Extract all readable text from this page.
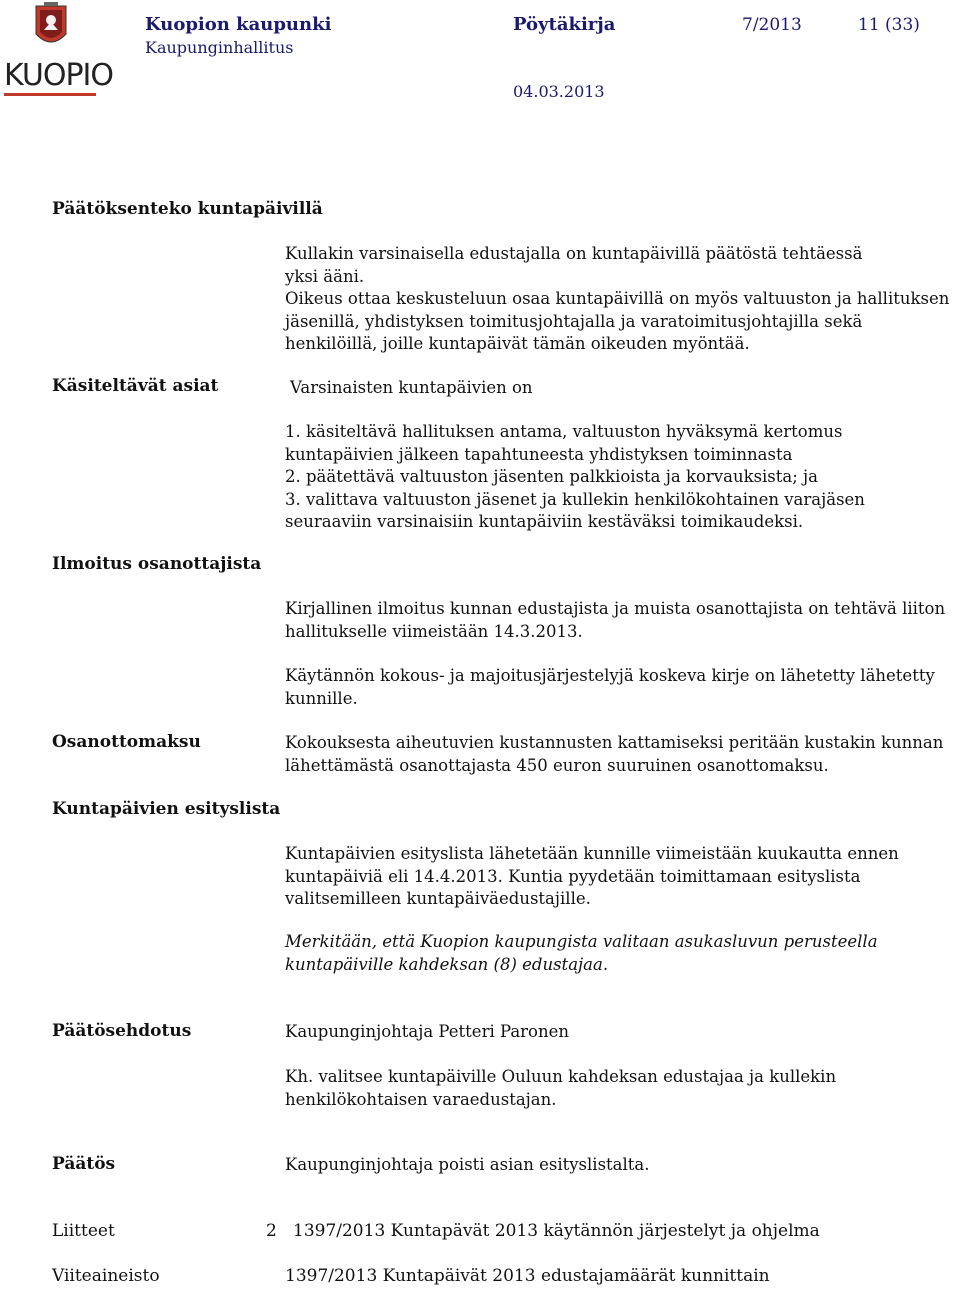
KUOPIO
Kuopion kaupunki
Kaupunginhallitus
Pöytäkirja	7/2013	11 (33)
04.03.2013
Päätöksenteko kuntapäivillä

Kullakin varsinaisella edustajalla on kuntapäivillä päätöstä tehtäessä yksi ääni.

Oikeus ottaa keskusteluun osaa kuntapäivillä on myös valtuuston ja hallituksen jäsenillä, yhdistyksen toimitusjohtajalla ja varatoimitusjohtajilla sekä henkilöillä, joille kuntapäivät tämän oikeuden myöntää.

Käsiteltävät asiat	Varsinaisten kuntapäivien on

1. käsiteltävä hallituksen antama, valtuuston hyväksymä kertomus kuntapäivien jälkeen tapahtuneesta yhdistyksen toiminnasta

2. päätettävä valtuuston jäsenten palkkioista ja korvauksista; ja

3. valittava valtuuston jäsenet ja kullekin henkilökohtainen varajäsen seuraaviin varsinaisiin kuntapäiviin kestäväksi toimikaudeksi.

Ilmoitus osanottajista
Kirjallinen ilmoitus kunnan edustajista ja muista osanottajista on tehtävä liiton hallitukselle viimeistään 14.3.2013.
Käytännön kokous- ja majoitusjärjestelyjä koskeva kirje on lähetetty lähetetty kunnille.
Osanottomaksu	Kokouksesta aiheutuvien kustannusten kattamiseksi peritään kustakin kunnan lähettämästä osanottajasta 450 euron suuruinen osanottomaksu.
Kuntapäivien esityslista
Kuntapäivien esityslista lähetetään kunnille viimeistään kuukautta ennen kuntapäiviä eli 14.4.2013. Kuntia pyydetään toimittamaan esityslista valitsemilleen kuntapäiväedustajille.
Merkitään, että Kuopion kaupungista valitaan asukasluvun perusteella kuntapäiville kahdeksan (8) edustajaa.
Päätösehdotus	Kaupunginjohtaja Petteri Paronen
Kh. valitsee kuntapäiville Ouluun kahdeksan edustajaa ja kullekin henkilökohtaisen varaedustajan.
Päätös	Kaupunginjohtaja poisti asian esityslistalta.
Liitteet	2 1397/2013 Kuntapävät 2013 käytännön järjestelyt ja ohjelma
Viiteaineisto	1397/2013 Kuntapäivät 2013 edustajamäärät kunnittain
